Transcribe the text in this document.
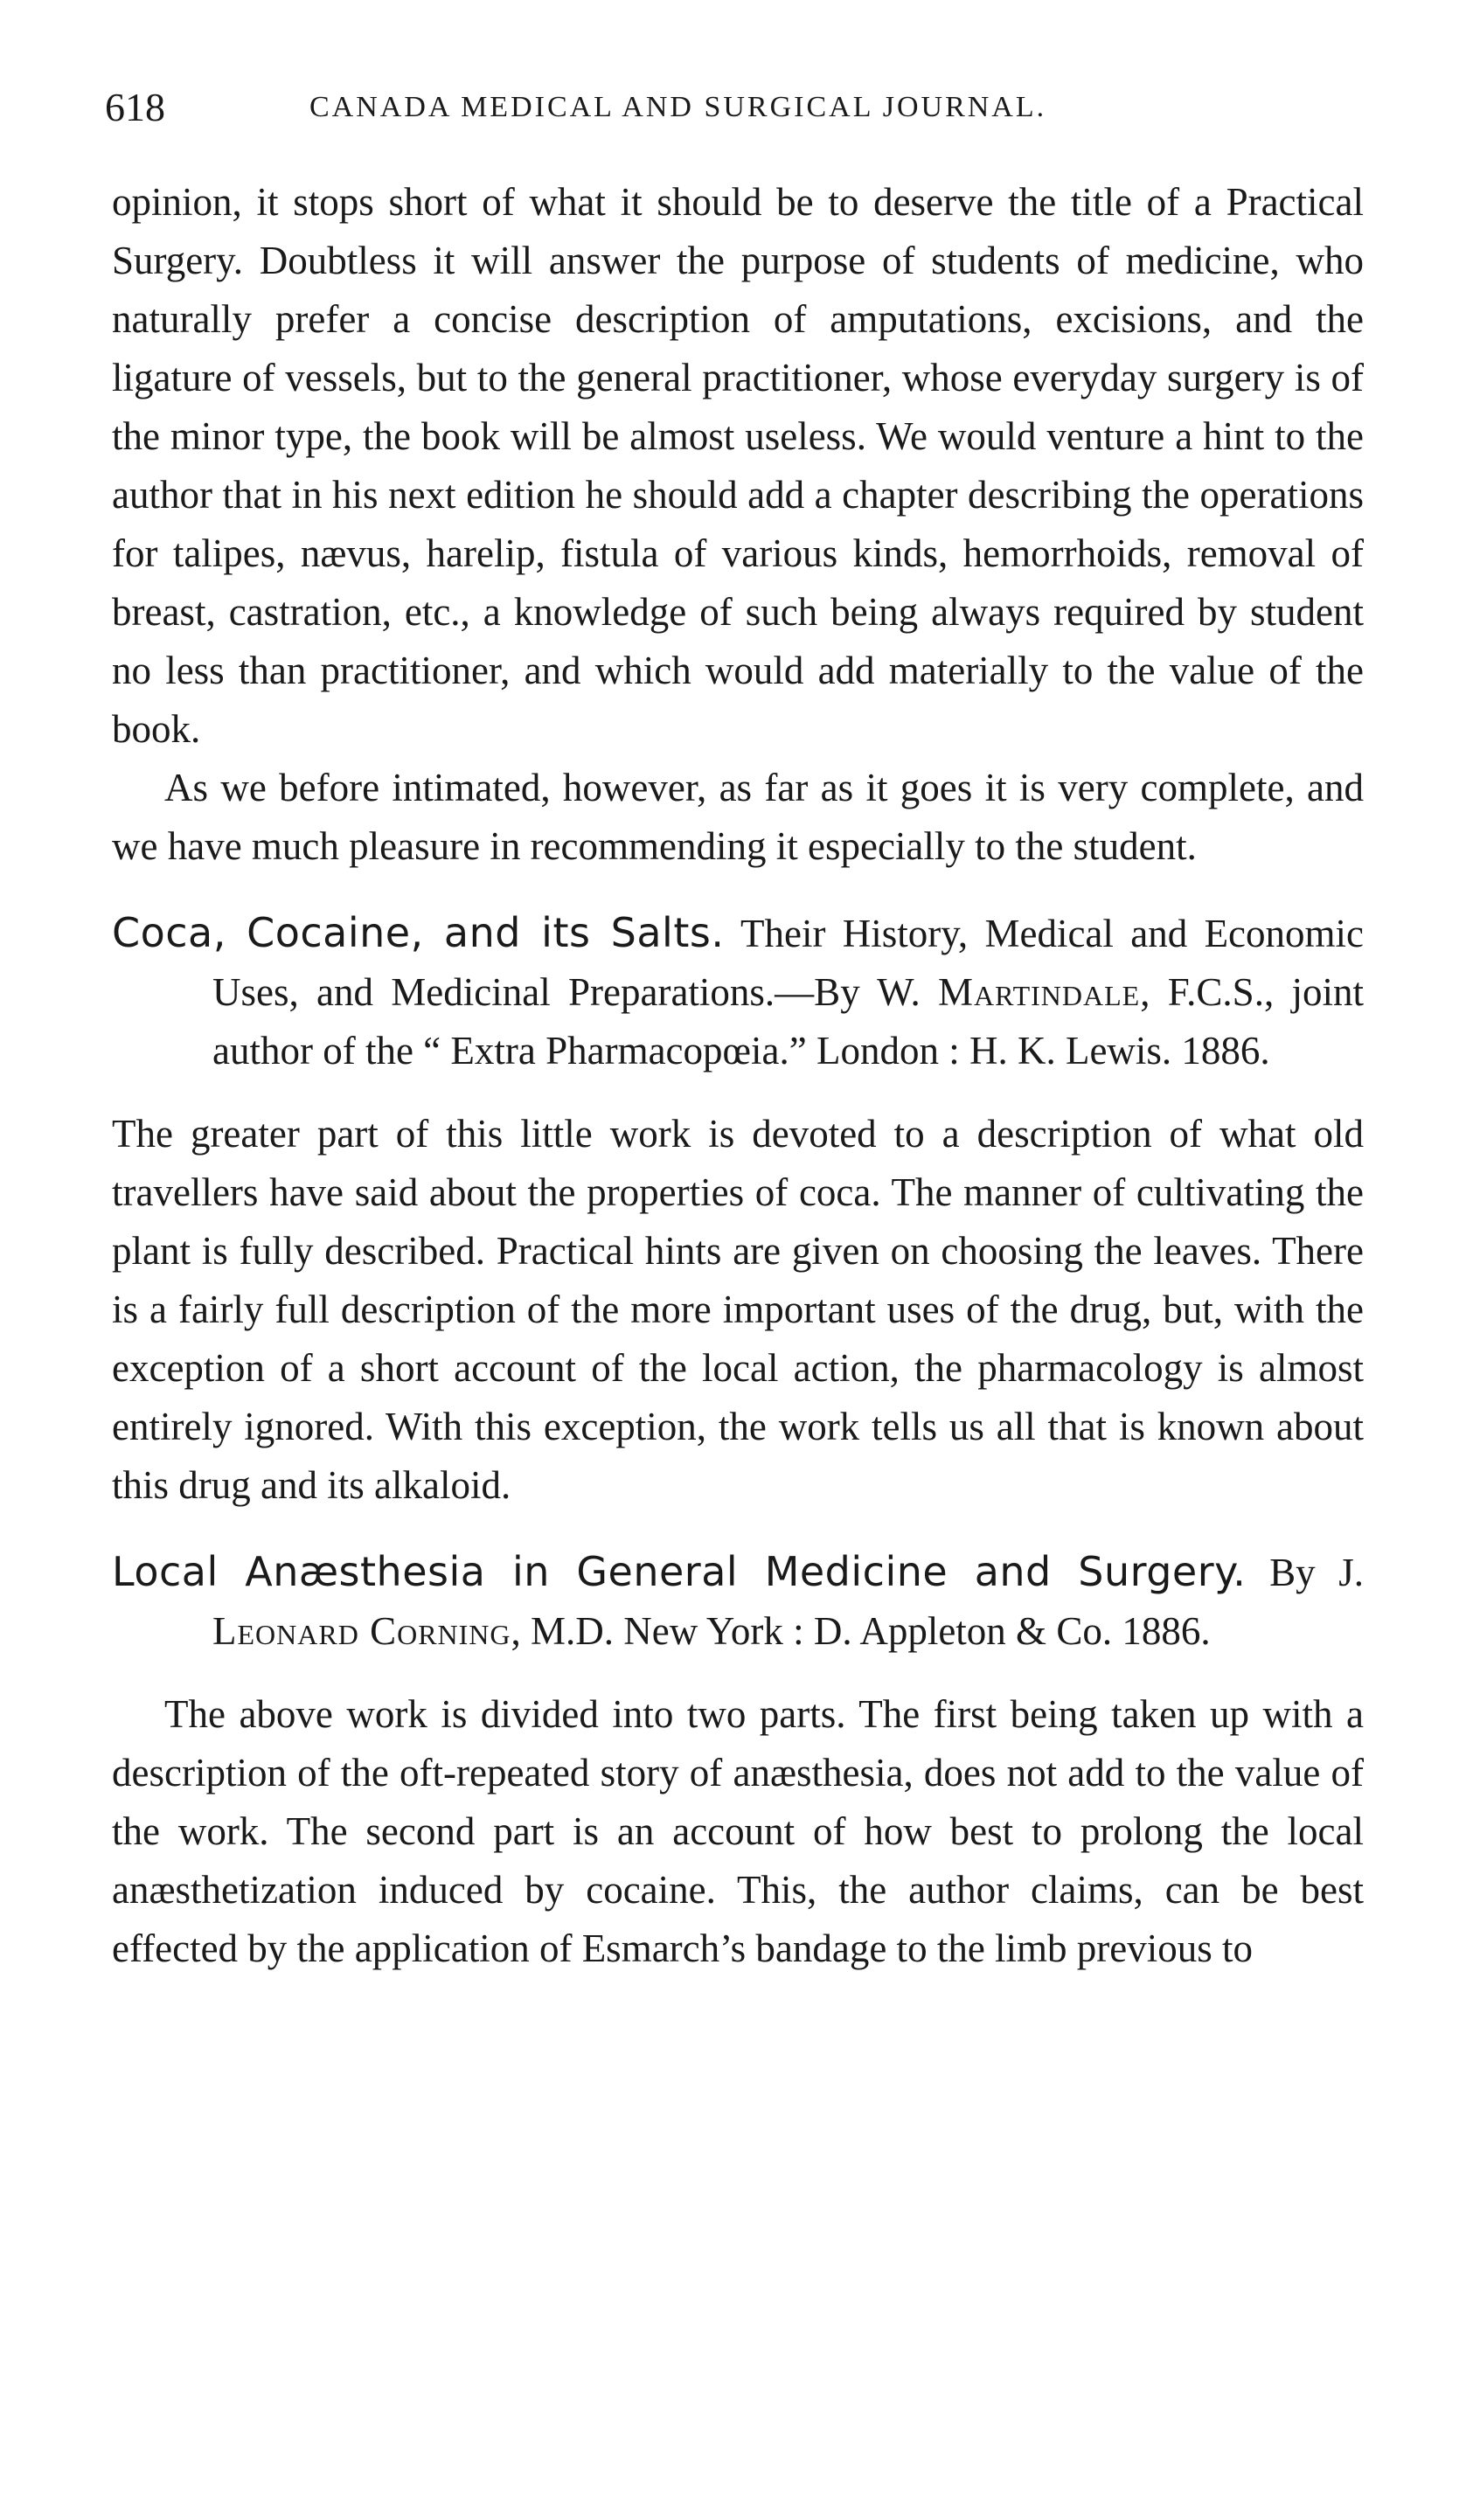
618	CANADA MEDICAL AND SURGICAL JOURNAL.

opinion, it stops short of what it should be to deserve the title of a Practical Surgery. Doubtless it will answer the purpose of students of medicine, who naturally prefer a concise description of amputations, excisions, and the ligature of vessels, but to the general practitioner, whose everyday surgery is of the minor type, the book will be almost useless. We would venture a hint to the author that in his next edition he should add a chapter describing the operations for talipes, nævus, harelip, fistula of various kinds, hemorrhoids, removal of breast, castration, etc., a knowledge of such being always required by student no less than practitioner, and which would add materially to the value of the book.

As we before intimated, however, as far as it goes it is very complete, and we have much pleasure in recommending it especially to the student.

Coca, Cocaine, and its Salts. Their History, Medical and Economic Uses, and Medicinal Preparations.—By W. Martindale, F.C.S., joint author of the “ Extra Pharmacopœia.” London : H. K. Lewis. 1886.

The greater part of this little work is devoted to a description of what old travellers have said about the properties of coca. The manner of cultivating the plant is fully described. Practical hints are given on choosing the leaves. There is a fairly full description of the more important uses of the drug, but, with the exception of a short account of the local action, the pharmacology is almost entirely ignored. With this exception, the work tells us all that is known about this drug and its alkaloid.

Local Anæsthesia in General Medicine and Surgery. By J. Leonard Corning, M.D. New York : D. Appleton & Co. 1886.

The above work is divided into two parts. The first being taken up with a description of the oft-repeated story of anæsthesia, does not add to the value of the work. The second part is an account of how best to prolong the local anæsthetization induced by cocaine. This, the author claims, can be best effected by the application of Esmarch’s bandage to the limb previous to
